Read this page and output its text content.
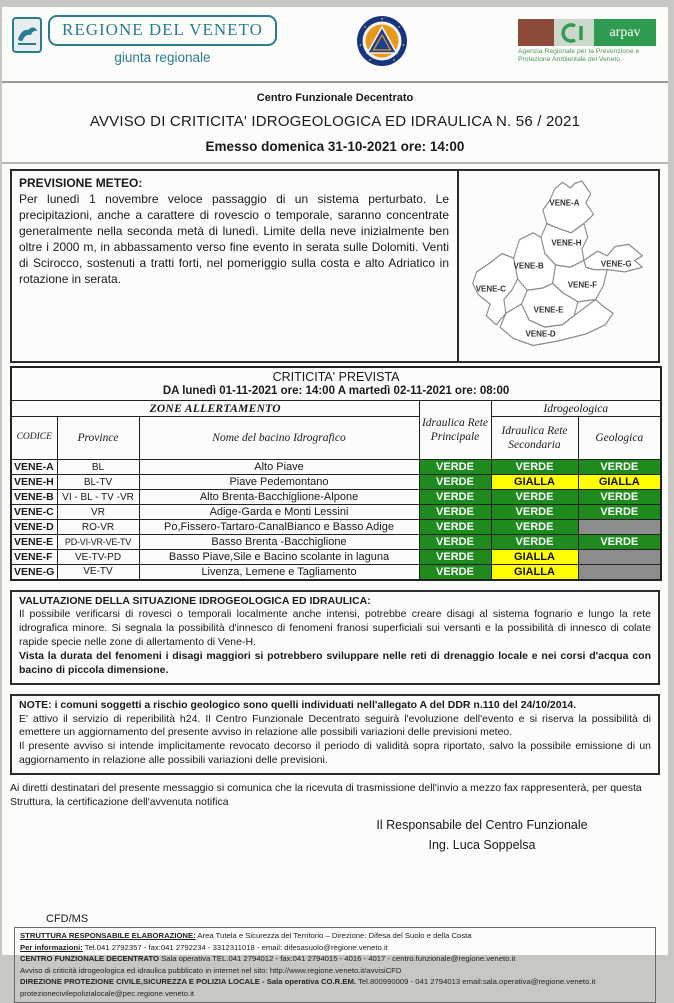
REGIONE DEL VENETO
giunta regionale
arpav
Agenzia Regionale per la Prevenzione e Protezione Ambientale del Veneto
Centro Funzionale Decentrato
AVVISO DI CRITICITA' IDROGEOLOGICA ED IDRAULICA N. 56 / 2021
Emesso domenica 31-10-2021 ore: 14:00

PREVISIONE METEO:

Per lunedì 1 novembre veloce passaggio di un sistema perturbato. Le precipitazioni, anche a carattere di rovescio o temporale, saranno concentrate generalmente nella seconda metà di lunedì. Limite della neve inizialmente ben oltre i 2000 m, in abbassamento verso fine evento in serata sulle Dolomiti. Venti di Scirocco, sostenuti a tratti forti, nel pomeriggio sulla costa e alto Adriatico in rotazione in serata.

VENE-A
VENE-H
VENE-B	VENE-G
VENE-C	VENE-F
VENE-E
VENE-D
CRITICITA' PREVISTA
DA lunedì 01-11-2021 ore: 14:00 A martedì 02-11-2021 ore: 08:00					

ZONE ALLERTAMENTO			Idraulica Rete Principale	Idrogeologica	
CODICE	Province	Nome del bacino Idrografico		Idraulica Rete Secondaria	Geologica
VENE-A	BL	Alto Piave	VERDE	VERDE	VERDE
VENE-H	BL-TV	Piave Pedemontano	VERDE	GIALLA	GIALLA
VENE-B	VI - BL - TV -VR	Alto Brenta-Bacchiglione-Alpone	VERDE	VERDE	VERDE
VENE-C	VR	Adige-Garda e Monti Lessini	VERDE	VERDE	VERDE
VENE-D	RO-VR	Po,Fissero-Tartaro-CanalBianco e Basso Adige	VERDE	VERDE	
VENE-E	PD-VI-VR-VE-TV	Basso Brenta -Bacchiglione	VERDE	VERDE	VERDE
VENE-F	VE-TV-PD	Basso Piave,Sile e Bacino scolante in laguna	VERDE	GIALLA	
VENE-G	VE-TV	Livenza, Lemene e Tagliamento	VERDE	GIALLA	

VALUTAZIONE DELLA SITUAZIONE IDROGEOLOGICA ED IDRAULICA:

Il possibile verificarsi di rovesci o temporali localmente anche intensi, potrebbe creare disagi al sistema fognario e lungo la rete idrografica minore. Si segnala la possibilità d'innesco di fenomeni franosi superficiali sui versanti e la possibilità di innesco di colate rapide specie nelle zone di allertamento di Vene-H.

Vista la durata del fenomeni i disagi maggiori si potrebbero sviluppare nelle reti di drenaggio locale e nei corsi d'acqua con bacino di piccola dimensione.

NOTE: i comuni soggetti a rischio geologico sono quelli individuati nell'allegato A del DDR n.110 del 24/10/2014.

E' attivo il servizio di reperibilità h24. Il Centro Funzionale Decentrato seguirà l'evoluzione dell'evento e si riserva la possibilità di emettere un aggiornamento del presente avviso in relazione alle possibili variazioni delle previsioni meteo.

Il presente avviso si intende implicitamente revocato decorso il periodo di validità sopra riportato, salvo la possibile emissione di un aggiornamento in relazione alle possibili variazioni delle previsioni.

Ai diretti destinatari del presente messaggio si comunica che la ricevuta di trasmissione dell'invio a mezzo fax rappresenterà, per questa Struttura, la certificazione dell'avvenuta notifica

Il Responsabile del Centro Funzionale
Ing. Luca Soppelsa
CFD/MS
STRUTTURA RESPONSABILE ELABORAZIONE: Area Tutela e Sicurezza del Territorio – Direzione: Difesa del Suolo e della Costa
Per informazioni: Tel.041 2792357 - fax:041 2792234 - 3312311018 - email: difesasuolo@regione.veneto.it
CENTRO FUNZIONALE DECENTRATO Sala operativa TEL.041 2794012 - fax:041 2794015 - 4016 - 4017 - centro.funzionale@regione.veneto.it
Avviso di criticità idrogeologica ed idraulica pubblicato in internet nel sito: http://www.regione.veneto.it/avvisiCFD
DIREZIONE PROTEZIONE CIVILE,SICUREZZA E POLIZIA LOCALE - Sala operativa CO.R.EM. Tel.800990009 - 041 2794013 email:sala.operativa@regione.veneto.it
protezionecivilepolizialocale@pec.regione.veneto.it
